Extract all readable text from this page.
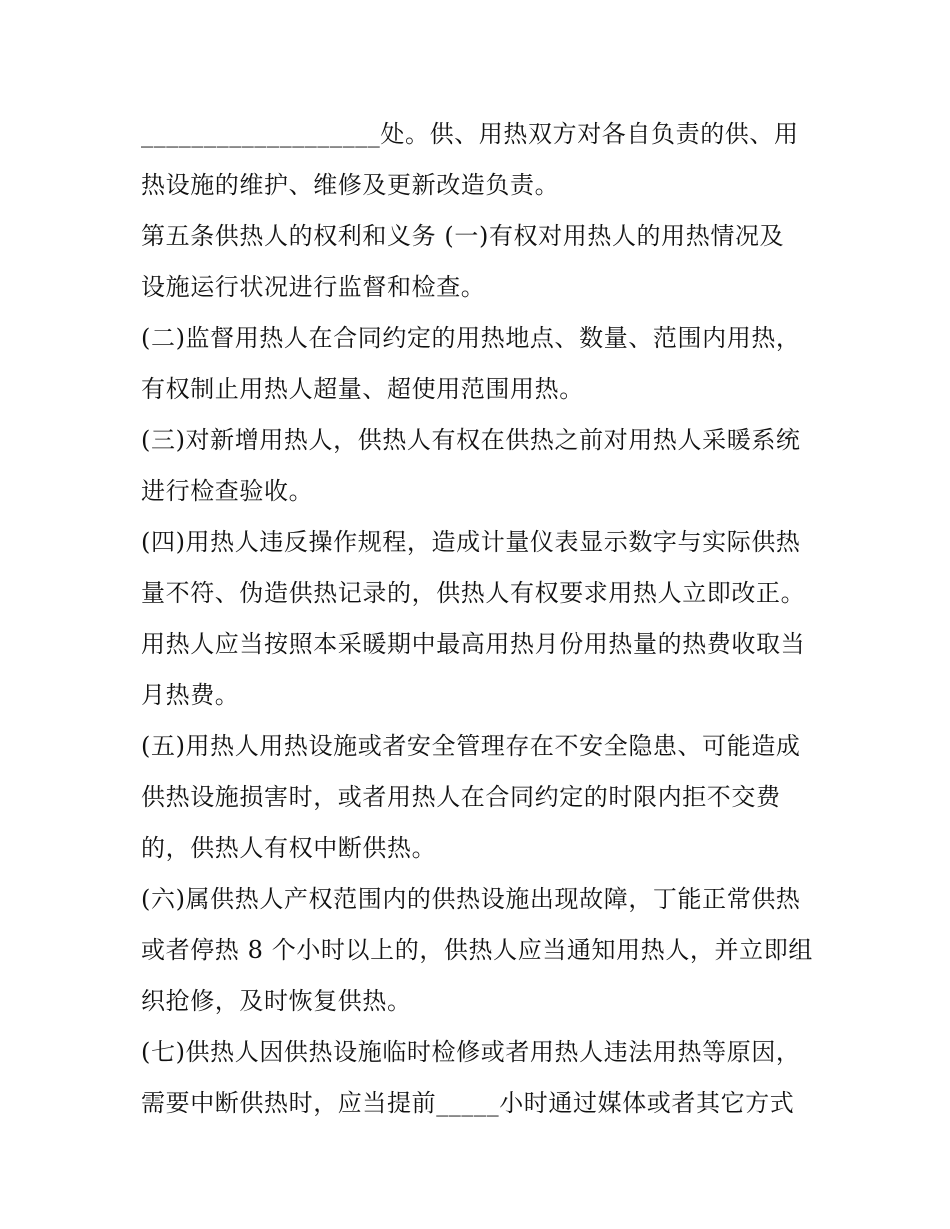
___________________处。供、用热双方对各自负责的供、用
热设施的维护、维修及更新改造负责。
第五条供热人的权利和义务 (一)有权对用热人的用热情况及
设施运行状况进行监督和检查。
(二)监督用热人在合同约定的用热地点、数量、范围内用热，
有权制止用热人超量、超使用范围用热。
(三)对新增用热人，供热人有权在供热之前对用热人采暖系统
进行检查验收。
(四)用热人违反操作规程，造成计量仪表显示数字与实际供热
量不符、伪造供热记录的，供热人有权要求用热人立即改正。
用热人应当按照本采暖期中最高用热月份用热量的热费收取当
月热费。
(五)用热人用热设施或者安全管理存在不安全隐患、可能造成
供热设施损害时，或者用热人在合同约定的时限内拒不交费
的，供热人有权中断供热。
(六)属供热人产权范围内的供热设施出现故障，丁能正常供热
或者停热 8 个小时以上的，供热人应当通知用热人，并立即组
织抢修，及时恢复供热。
(七)供热人因供热设施临时检修或者用热人违法用热等原因，
需要中断供热时，应当提前_____小时通过媒体或者其它方式
